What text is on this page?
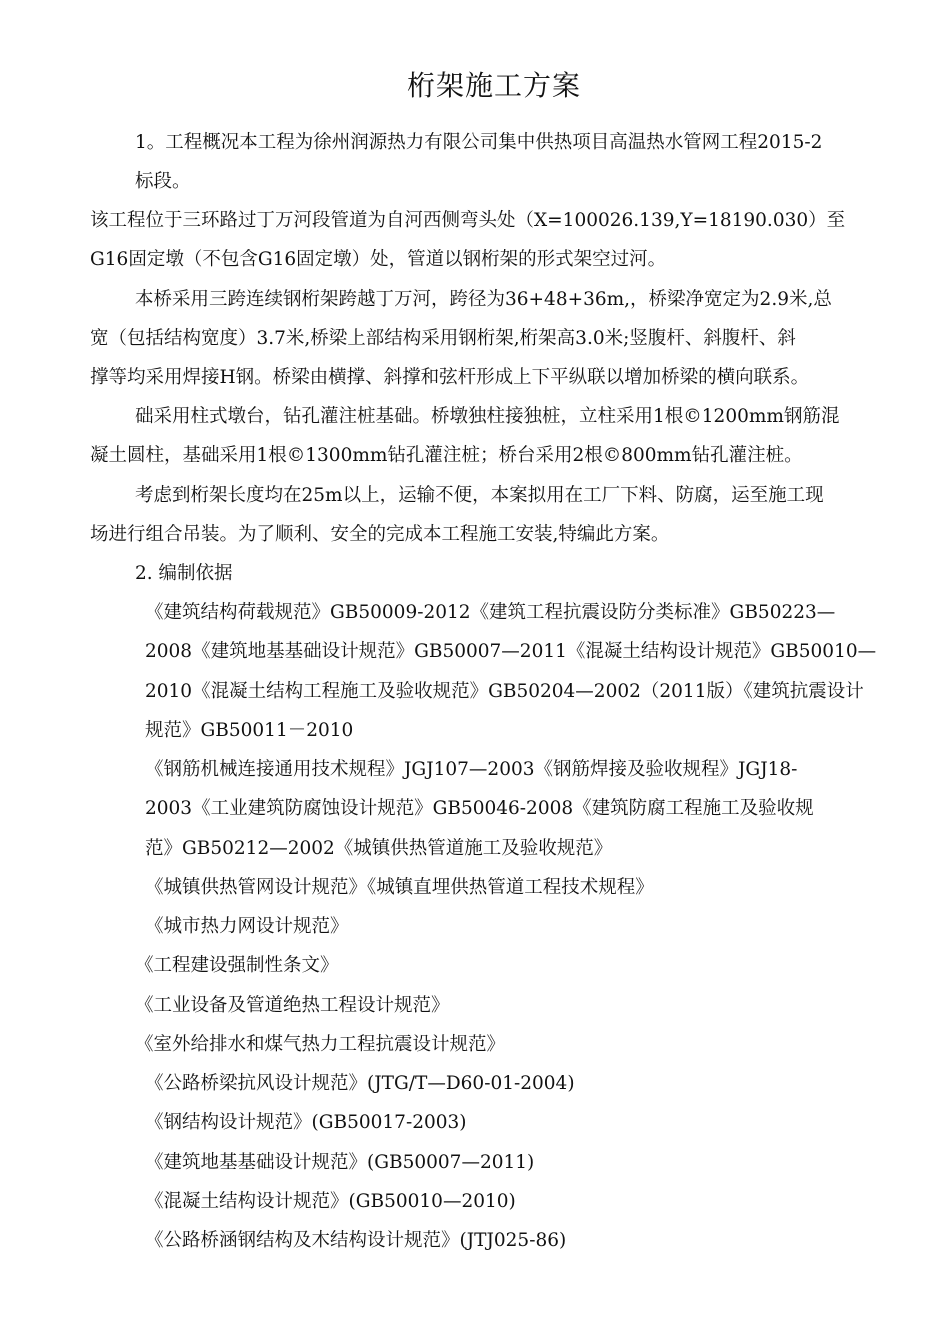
桁架施工方案
1。工程概况本工程为徐州润源热力有限公司集中供热项目高温热水管网工程2015-2
标段。
该工程位于三环路过丁万河段管道为自河西侧弯头处（X=100026.139,Y=18190.030）至
G16固定墩（不包含G16固定墩）处，管道以钢桁架的形式架空过河。
本桥采用三跨连续钢桁架跨越丁万河，跨径为36+48+36m,，桥梁净宽定为2.9米,总
宽（包括结构宽度）3.7米,桥梁上部结构采用钢桁架,桁架高3.0米;竖腹杆、斜腹杆、斜
撑等均采用焊接H钢。桥梁由横撑、斜撑和弦杆形成上下平纵联以增加桥梁的横向联系。
础采用柱式墩台，钻孔灌注桩基础。桥墩独柱接独桩，立柱采用1根©1200mm钢筋混
凝土圆柱，基础采用1根©1300mm钻孔灌注桩；桥台采用2根©800mm钻孔灌注桩。
考虑到桁架长度均在25m以上，运输不便，本案拟用在工厂下料、防腐，运至施工现
场进行组合吊装。为了顺利、安全的完成本工程施工安装,特编此方案。
2. 编制依据
《建筑结构荷载规范》GB50009-2012《建筑工程抗震设防分类标准》GB50223—
2008《建筑地基基础设计规范》GB50007—2011《混凝土结构设计规范》GB50010—
2010《混凝土结构工程施工及验收规范》GB50204—2002（2011版）《建筑抗震设计
规范》GB50011－2010
《钢筋机械连接通用技术规程》JGJ107—2003《钢筋焊接及验收规程》JGJ18-
2003《工业建筑防腐蚀设计规范》GB50046-2008《建筑防腐工程施工及验收规
范》GB50212—2002《城镇供热管道施工及验收规范》
《城镇供热管网设计规范》《城镇直埋供热管道工程技术规程》
《城市热力网设计规范》
《工程建设强制性条文》
《工业设备及管道绝热工程设计规范》
《室外给排水和煤气热力工程抗震设计规范》
《公路桥梁抗风设计规范》(JTG/T—D60-01-2004)
《钢结构设计规范》(GB50017-2003)
《建筑地基基础设计规范》(GB50007—2011)
《混凝土结构设计规范》(GB50010—2010)
《公路桥涵钢结构及木结构设计规范》(JTJ025-86)
